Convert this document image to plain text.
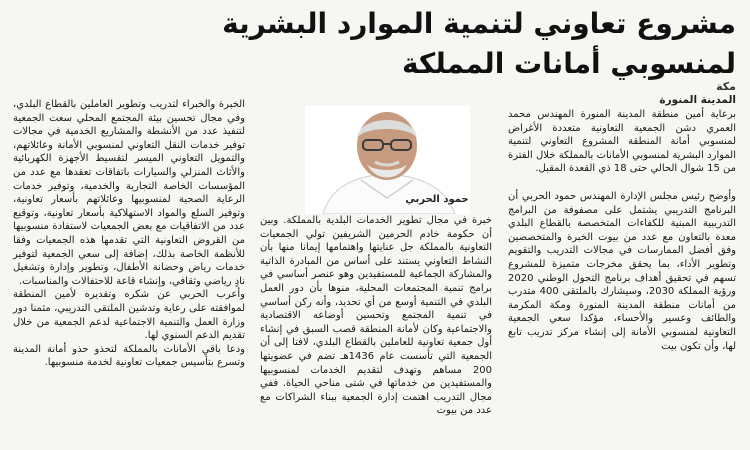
مشروع تعاوني لتنمية الموارد البشرية
لمنسوبي أمانات المملكة
مكة
المدينة المنورة

برعاية أمين منطقة المدينة المنورة المهندس محمد العمري دشن الجمعية التعاونية متعددة الأغراض لمنسوبي أمانة المنطقة المشروع التعاوني لتنمية الموارد البشرية لمنسوبي الأمانات بالمملكة خلال الفترة من 15 شوال الحالي حتى 18 ذي القعدة المقبل.

وأوضح رئيس مجلس الإدارة المهندس حمود الحربي أن البرنامج التدريبي يشتمل على مصفوفة من البرامج التدريبية المبنية للكفاءات المتخصصة بالقطاع البلدي معدة بالتعاون مع عدد من بيوت الخبرة والمتخصصين وفق أفضل الممارسات في مجالات التدريب والتقويم وتطوير الأداء، بما يحقق مخرجات متميزة للمشروع تسهم في تحقيق أهداف برنامج التحول الوطني 2020 ورؤية المملكة 2030، وسيشارك بالملتقى 400 متدرب من أمانات منطقة المدينة المنورة ومكة المكرمة والطائف وعسير والأحساء، مؤكدا سعي الجمعية التعاونية لمنسوبي الأمانة إلى إنشاء مركز تدريب تابع لها، وأن تكون بيت

حمود الحربي

خبرة في مجال تطوير الخدمات البلدية بالمملكة. وبين أن حكومة خادم الحرمين الشريفين تولي الجمعيات التعاونية بالمملكة جل عنايتها واهتمامها إيمانا منها بأن النشاط التعاوني يستند على أساس من المبادرة الذاتية والمشاركة الجماعية للمستفيدين وهو عنصر أساسي في برامج تنمية المجتمعات المحلية، منوها بأن دور العمل البلدي في التنمية أوسع من أي تحديد، وأنه ركن أساسي في تنمية المجتمع وتحسين أوضاعه الاقتصادية والاجتماعية وكان لأمانة المنطقة قصب السبق في إنشاء أول جمعية تعاونية للعاملين بالقطاع البلدي، لافتا إلى أن الجمعية التي تأسست عام 1436هـ تضم في عضويتها 200 مساهم وتهدف لتقديم الخدمات لمنسوبيها والمستفيدين من خدماتها في شتى مناحي الحياة. ففي مجال التدريب اهتمت إدارة الجمعية ببناء الشراكات مع عدد من بيوت

الخبرة والخبراء لتدريب وتطوير العاملين بالقطاع البلدي، وفي مجال تحسين بيئة المجتمع المحلي سعت الجمعية لتنفيذ عدد من الأنشطة والمشاريع الخدمية في مجالات توفير خدمات النقل التعاوني لمنسوبي الأمانة وعائلاتهم، والتمويل التعاوني الميسر لتقسيط الأجهزة الكهربائية والأثاث المنزلي والسيارات باتفاقات تعقدها مع عدد من المؤسسات الخاصة التجارية والخدمية، وتوفير خدمات الرعاية الصحية لمنسوبيها وعائلاتهم بأسعار تعاونية، وتوفير السلع والمواد الاستهلاكية بأسعار تعاونية، وتوقيع عدد من الاتفاقيات مع بعض الجمعيات لاستفادة منسوبيها من القروض التعاونية التي تقدمها هذه الجمعيات وفقا للأنظمة الخاصة بذلك، إضافة إلى سعي الجمعية لتوفير خدمات رياض وحضانة الأطفال، وتطوير وإدارة وتشغيل نادٍ رياضي وثقافي، وإنشاء قاعة للاحتفالات والمناسبات.

وأعرب الحربي عن شكره وتقديره لأمين المنطقة لموافقته على رعاية وتدشين الملتقى التدريبي، مثمنا دور وزارة العمل والتنمية الاجتماعية لدعم الجمعية من خلال تقديم الدعم السنوي لها.

ودعا باقي الأمانات بالمملكة لتحذو حذو أمانة المدينة وتسرع بتأسيس جمعيات تعاونية لخدمة منسوبيها.
